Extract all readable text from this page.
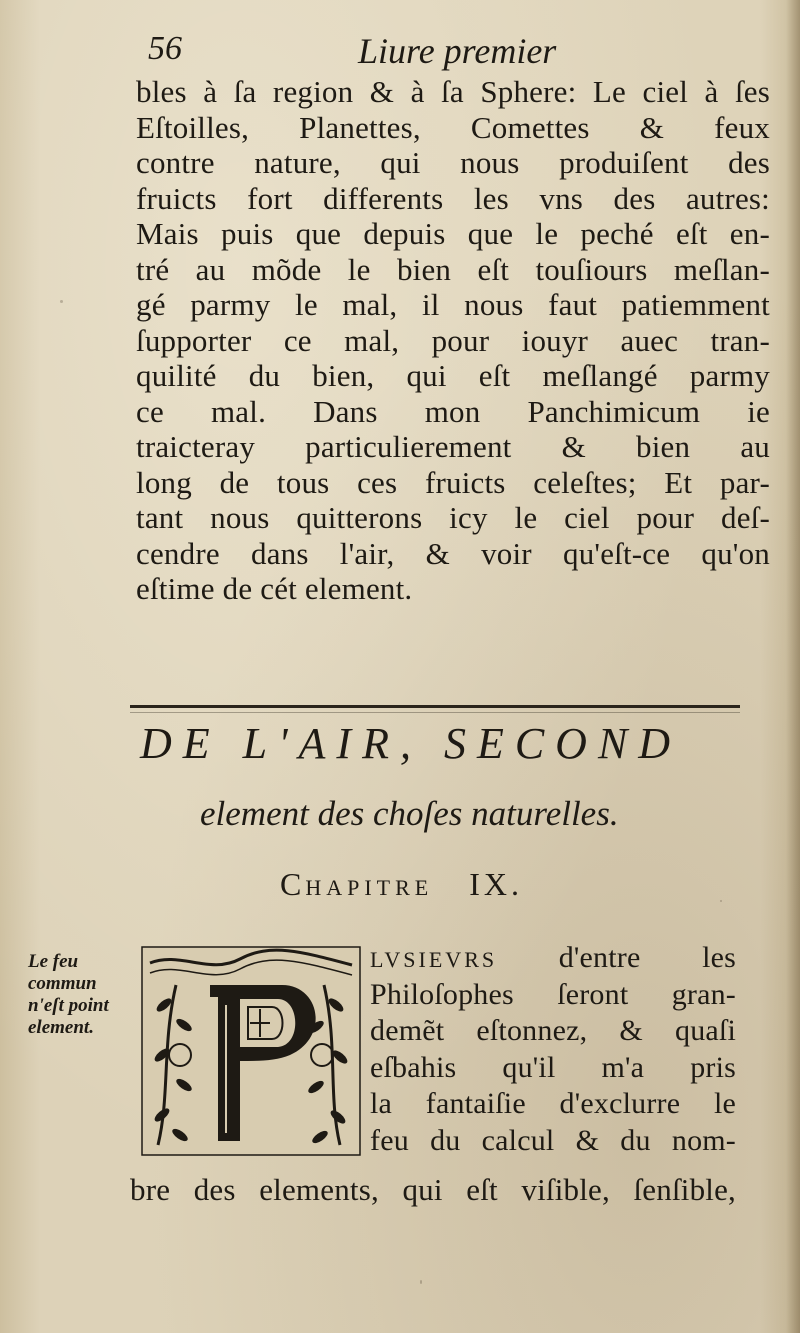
56	Liure premier
bles à ſa region & à ſa Sphere: Le ciel à ſes
Eſtoilles, Planettes, Comettes & feux
contre nature, qui nous produiſent des
fruicts fort differents les vns des autres:
Mais puis que depuis que le peché eſt en-
tré au mõde le bien eſt touſiours meſlan-
gé parmy le mal, il nous faut patiemment
ſupporter ce mal, pour iouyr auec tran-
quilité du bien, qui eſt meſlangé parmy
ce mal. Dans mon Panchimicum ie
traicteray particulierement & bien au
long de tous ces fruicts celeſtes; Et par-
tant nous quitterons icy le ciel pour deſ-
cendre dans l'air, & voir qu'eſt-ce qu'on
eſtime de cét element.
DE L'AIR, SECOND
element des choſes naturelles.
CHAPITRE IX.
Le feu
commun
n'eſt point
element.
LVSIEVRS d'entre les
Philoſophes ſeront gran-
demẽt eſtonnez, & quaſi
eſbahis qu'il m'a pris
la fantaiſie d'exclurre le
feu du calcul & du nom-
bre des elements, qui eſt viſible, ſenſible,
